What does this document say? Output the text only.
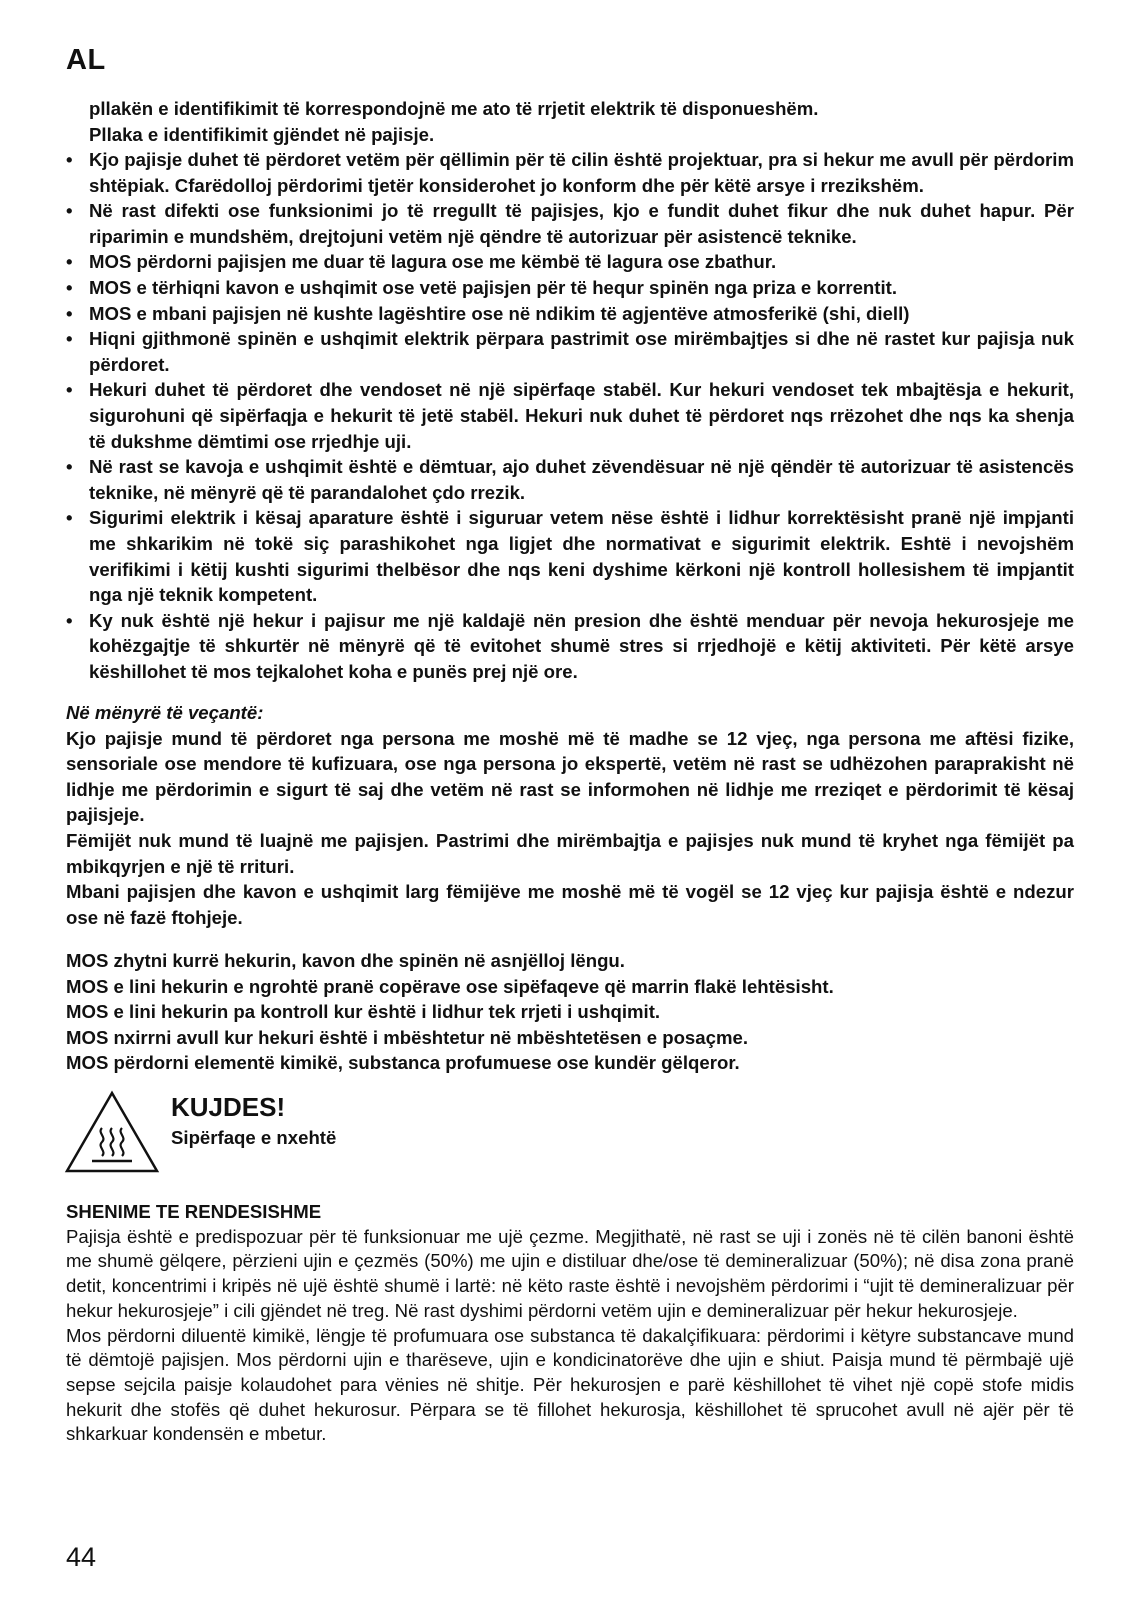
AL

pllakën e identifikimit të korrespondojnë me ato të rrjetit elektrik të disponueshëm.

Pllaka e identifikimit gjëndet në pajisje.

• Kjo pajisje duhet të përdoret vetëm për qëllimin për të cilin është projektuar, pra si hekur me avull për përdorim shtëpiak. Cfarëdolloj përdorimi tjetër konsiderohet jo konform dhe për këtë arsye i rrezikshëm.
• Në rast difekti ose funksionimi jo të rregullt të pajisjes, kjo e fundit duhet fikur dhe nuk duhet hapur. Për riparimin e mundshëm, drejtojuni vetëm një qëndre të autorizuar për asistencë teknike.
• MOS përdorni pajisjen me duar të lagura ose me këmbë të lagura ose zbathur.
• MOS e tërhiqni kavon e ushqimit ose vetë pajisjen për të hequr spinën nga priza e korrentit.
• MOS e mbani pajisjen në kushte lagështire ose në ndikim të agjentëve atmosferikë (shi, diell)
• Hiqni gjithmonë spinën e ushqimit elektrik përpara pastrimit ose mirëmbajtjes si dhe në rastet kur pajisja nuk përdoret.
• Hekuri duhet të përdoret dhe vendoset në një sipërfaqe stabël. Kur hekuri vendoset tek mbajtësja e hekurit, sigurohuni që sipërfaqja e hekurit të jetë stabël. Hekuri nuk duhet të përdoret nqs rrëzohet dhe nqs ka shenja të dukshme dëmtimi ose rrjedhje uji.
• Në rast se kavoja e ushqimit është e dëmtuar, ajo duhet zëvendësuar në një qëndër të autorizuar të asistencës teknike, në mënyrë që të parandalohet çdo rrezik.
• Sigurimi elektrik i kësaj aparature është i siguruar vetem nëse është i lidhur korrektësisht pranë një impjanti me shkarikim në tokë siç parashikohet nga ligjet dhe normativat e sigurimit elektrik. Eshtë i nevojshëm verifikimi i këtij kushti sigurimi thelbësor dhe nqs keni dyshime kërkoni një kontroll hollesishem të impjantit nga një teknik kompetent.
• Ky nuk është një hekur i pajisur me një kaldajë nën presion dhe është menduar për nevoja hekurosjeje me kohëzgajtje të shkurtër në mënyrë që të evitohet shumë stres si rrjedhojë e këtij aktiviteti. Për këtë arsye këshillohet të mos tejkalohet koha e punës prej një ore.

Në mënyrë të veçantë:

Kjo pajisje mund të përdoret nga persona me moshë më të madhe se 12 vjeç, nga persona me aftësi fizike, sensoriale ose mendore të kufizuara, ose nga persona jo ekspertë, vetëm në rast se udhëzohen paraprakisht në lidhje me përdorimin e sigurt të saj dhe vetëm në rast se informohen në lidhje me rreziqet e përdorimit të kësaj pajisjeje.

Fëmijët nuk mund të luajnë me pajisjen. Pastrimi dhe mirëmbajtja e pajisjes nuk mund të kryhet nga fëmijët pa mbikqyrjen e një të rrituri.

Mbani pajisjen dhe kavon e ushqimit larg fëmijëve me moshë më të vogël se 12 vjeç kur pajisja është e ndezur ose në fazë ftohjeje.

MOS zhytni kurrë hekurin, kavon dhe spinën në asnjëlloj lëngu.

MOS e lini hekurin e ngrohtë pranë copërave ose sipëfaqeve që marrin flakë lehtësisht.

MOS e lini hekurin pa kontroll kur është i lidhur tek rrjeti i ushqimit.

MOS nxirrni avull kur hekuri është i mbështetur në mbështetësen e posaçme.

MOS përdorni elementë kimikë, substanca profumuese ose kundër gëlqeror.

KUJDES!
Sipërfaqe e nxehtë

SHENIME TE RENDESISHME

Pajisja është e predispozuar për të funksionuar me ujë çezme. Megjithatë, në rast se uji i zonës në të cilën banoni është me shumë gëlqere, përzieni ujin e çezmës (50%) me ujin e distiluar dhe/ose të demineralizuar (50%); në disa zona pranë detit, koncentrimi i kripës në ujë është shumë i lartë: në këto raste është i nevojshëm përdorimi i “ujit të demineralizuar për hekur hekurosjeje” i cili gjëndet në treg. Në rast dyshimi përdorni vetëm ujin e demineralizuar për hekur hekurosjeje.

Mos përdorni diluentë kimikë, lëngje të profumuara ose substanca të dakalçifikuara: përdorimi i këtyre substancave mund të dëmtojë pajisjen. Mos përdorni ujin e tharëseve, ujin e kondicinatorëve dhe ujin e shiut. Paisja mund të përmbajë ujë sepse sejcila paisje kolaudohet para vënies në shitje. Për hekurosjen e parë këshillohet të vihet një copë stofe midis hekurit dhe stofës që duhet hekurosur. Përpara se të fillohet hekurosja, këshillohet të sprucohet avull në ajër për të shkarkuar kondensën e mbetur.

44
